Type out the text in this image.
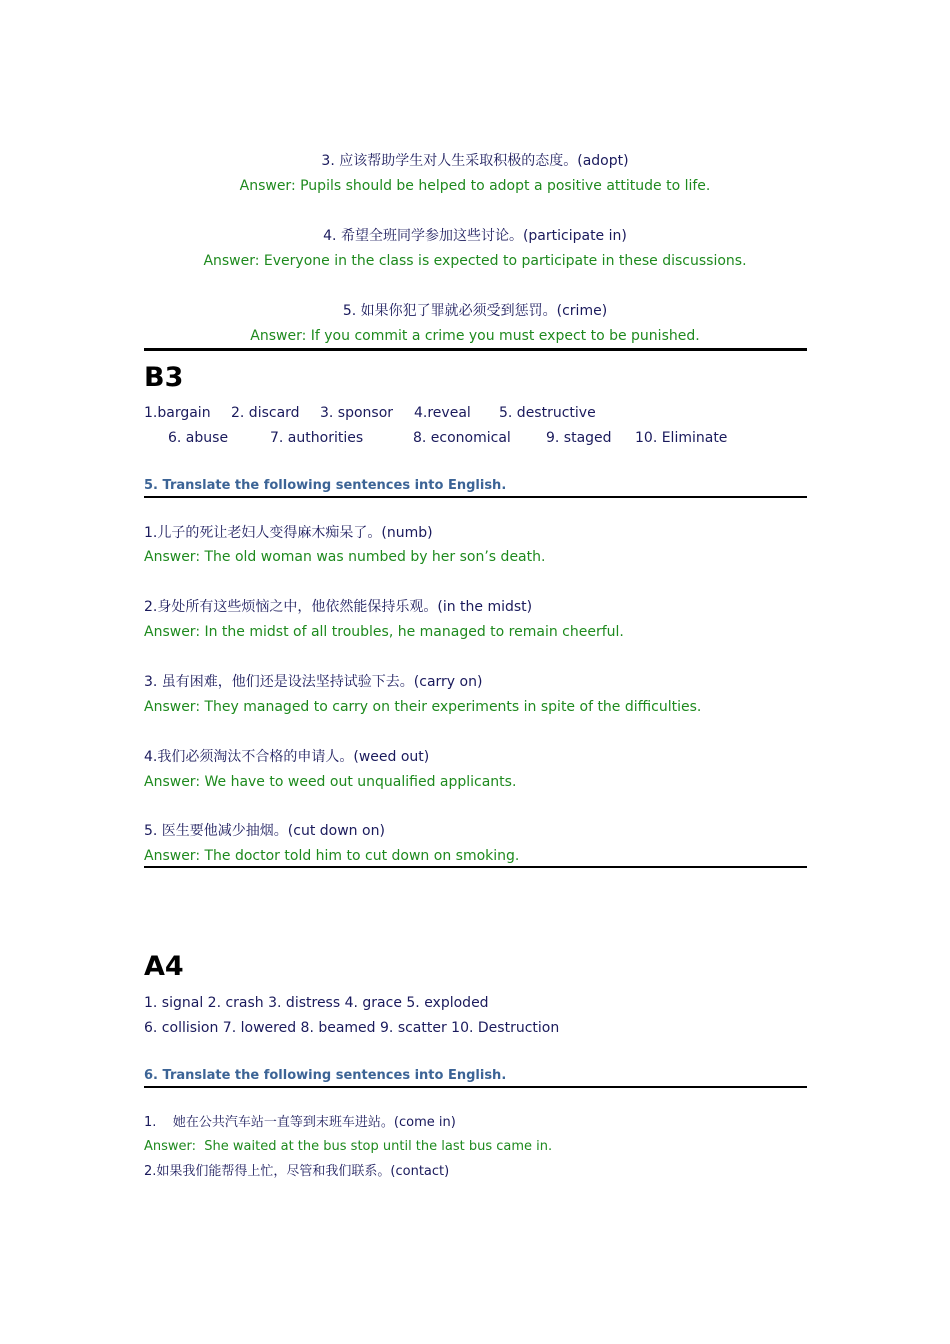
3. 应该帮助学生对人生采取积极的态度。(adopt)
Answer: Pupils should be helped to adopt a positive attitude to life.
4. 希望全班同学参加这些讨论。(participate in)
Answer: Everyone in the class is expected to participate in these discussions.
5. 如果你犯了罪就必须受到惩罚。(crime)
Answer: If you commit a crime you must expect to be punished.
B3
1.bargain 2. discard 3. sponsor 4.reveal 5. destructive
6. abuse	7. authorities	8. economical	9. staged 10. Eliminate
5. Translate the following sentences into English.
1.儿子的死让老妇人变得麻木痴呆了。(numb)
Answer: The old woman was numbed by her son’s death.
2.身处所有这些烦恼之中，他依然能保持乐观。(in the midst)
Answer: In the midst of all troubles, he managed to remain cheerful.
3. 虽有困难，他们还是设法坚持试验下去。(carry on)
Answer: They managed to carry on their experiments in spite of the difficulties.
4.我们必须淘汰不合格的申请人。(weed out)
Answer: We have to weed out unqualified applicants.
5. 医生要他减少抽烟。(cut down on)
Answer: The doctor told him to cut down on smoking.
A4
1. signal 2. crash 3. distress 4. grace 5. exploded
6. collision 7. lowered 8. beamed 9. scatter 10. Destruction
6. Translate the following sentences into English.
1.    她在公共汽车站一直等到末班车进站。(come in)
Answer:  She waited at the bus stop until the last bus came in.
2.如果我们能帮得上忙，尽管和我们联系。(contact)
